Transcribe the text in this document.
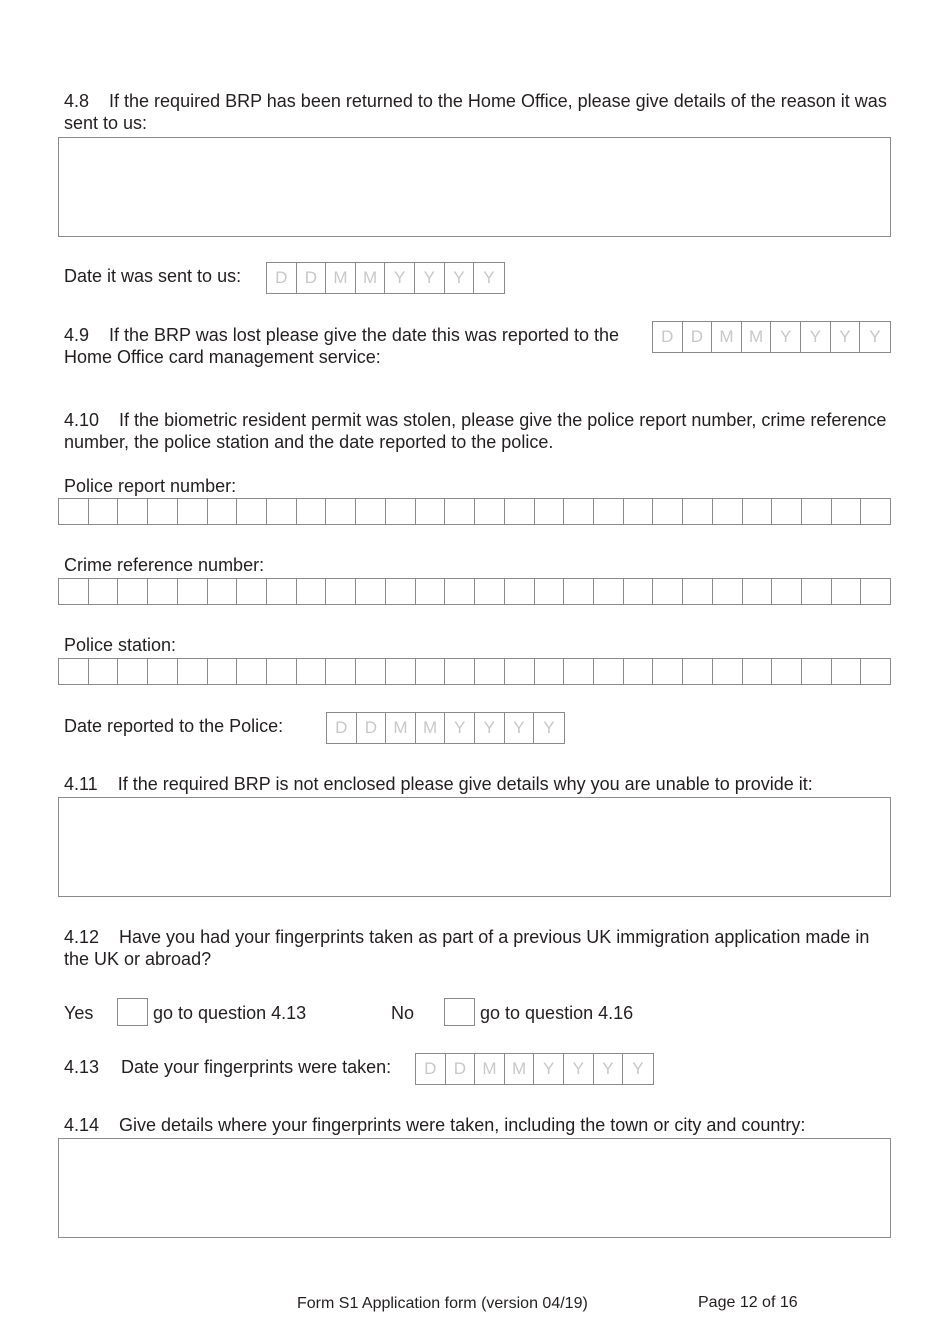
4.8    If the required BRP has been returned to the Home Office, please give details of the reason it was sent to us:
Date it was sent to us:	D	D M M Y	Y	Y	Y
4.9    If the BRP was lost please give the date this was reported to the Home Office card management service:
D	D M M Y	Y	Y	Y
4.10    If the biometric resident permit was stolen, please give the police report number, crime reference number, the police station and the date reported to the police.
Police report number:
Crime reference number:
Police station:
Date reported to the Police:	D	D M M Y	Y	Y	Y
4.11    If the required BRP is not enclosed please give details why you are unable to provide it:
4.12    Have you had your fingerprints taken as part of a previous UK immigration application made in the UK or abroad?
Yes	go to question 4.13	No	go to question 4.16
4.13 Date your fingerprints were taken:	D	D M M Y	Y	Y	Y
4.14    Give details where your fingerprints were taken, including the town or city and country:
Form S1 Application form (version 04/19)	Page 12 of 16
